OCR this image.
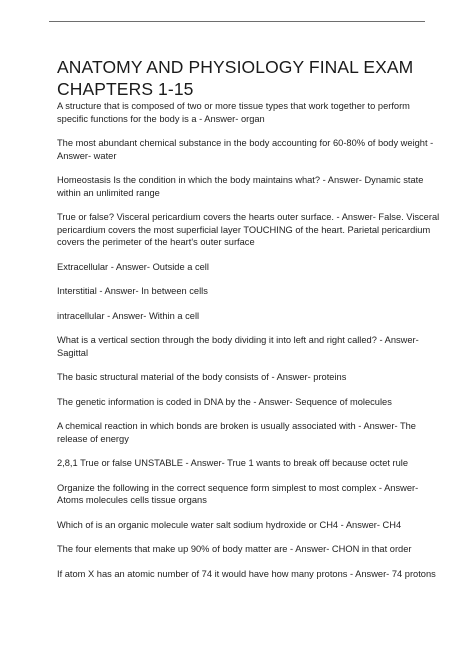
ANATOMY AND PHYSIOLOGY FINAL EXAM CHAPTERS 1-15
A structure that is composed of two or more tissue types that work together to perform specific functions for the body is a - Answer- organ
The most abundant chemical substance in the body accounting for 60-80% of body weight - Answer- water
Homeostasis Is the condition in which the body maintains what? - Answer- Dynamic state within an unlimited range
True or false? Visceral pericardium covers the hearts outer surface. - Answer- False. Visceral pericardium covers the most superficial layer TOUCHING of the heart. Parietal pericardium covers the perimeter of the heart's outer surface
Extracellular - Answer- Outside a cell
Interstitial - Answer- In between cells
intracellular - Answer- Within a cell
What is a vertical section through the body dividing it into left and right called? - Answer- Sagittal
The basic structural material of the body consists of - Answer- proteins
The genetic information is coded in DNA by the - Answer- Sequence of molecules
A chemical reaction in which bonds are broken is usually associated with - Answer- The release of energy
2,8,1 True or false UNSTABLE - Answer- True 1 wants to break off because octet rule
Organize the following in the correct sequence form simplest to most complex - Answer- Atoms molecules cells tissue organs
Which of is an organic molecule water salt sodium hydroxide or CH4 - Answer- CH4
The four elements that make up 90% of body matter are - Answer- CHON in that order
If atom X has an atomic number of 74 it would have how many protons - Answer- 74 protons
